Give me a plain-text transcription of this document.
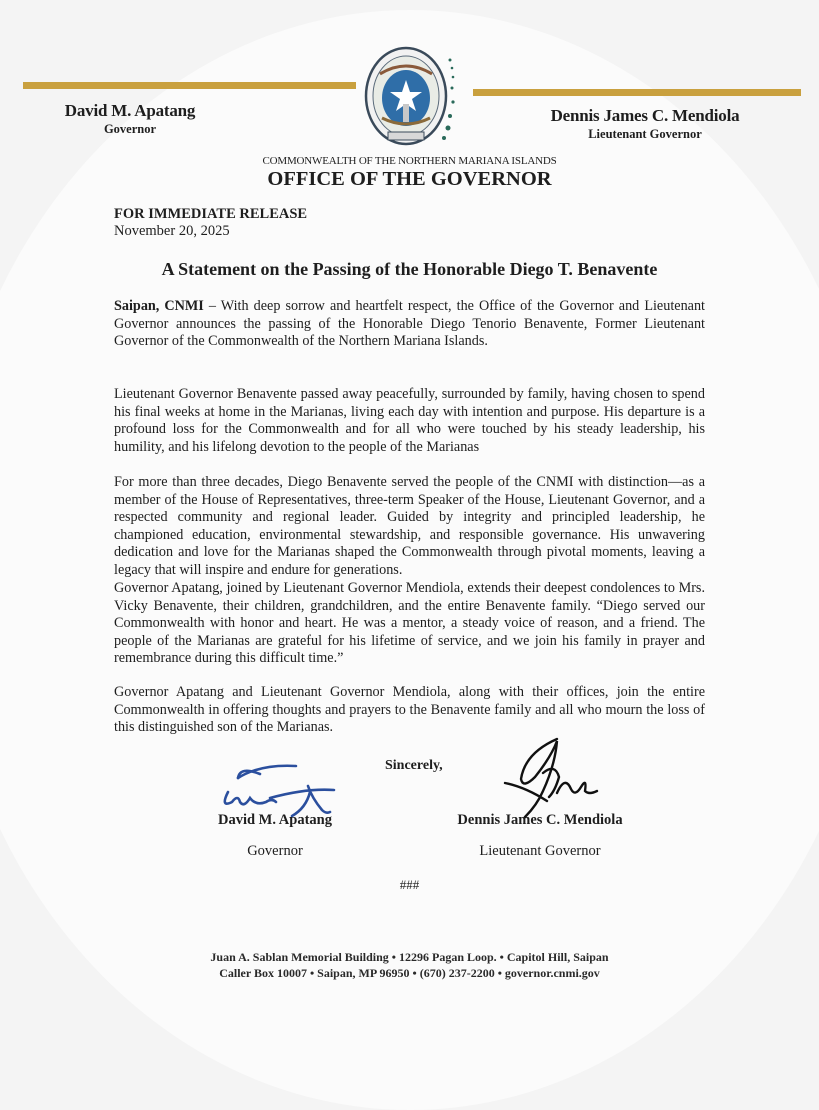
David M. Apatang
Governor
Dennis James C. Mendiola
Lieutenant Governor
COMMONWEALTH OF THE NORTHERN MARIANA ISLANDS
OFFICE OF THE GOVERNOR
FOR IMMEDIATE RELEASE
November 20, 2025
A Statement on the Passing of the Honorable Diego T. Benavente

Saipan, CNMI – With deep sorrow and heartfelt respect, the Office of the Governor and Lieutenant Governor announces the passing of the Honorable Diego Tenorio Benavente, Former Lieutenant Governor of the Commonwealth of the Northern Mariana Islands.

Lieutenant Governor Benavente passed away peacefully, surrounded by family, having chosen to spend his final weeks at home in the Marianas, living each day with intention and purpose. His departure is a profound loss for the Commonwealth and for all who were touched by his steady leadership, his humility, and his lifelong devotion to the people of the Marianas

For more than three decades, Diego Benavente served the people of the CNMI with distinction—as a member of the House of Representatives, three-term Speaker of the House, Lieutenant Governor, and a respected community and regional leader. Guided by integrity and principled leadership, he championed education, environmental stewardship, and responsible governance. His unwavering dedication and love for the Marianas shaped the Commonwealth through pivotal moments, leaving a legacy that will inspire and endure for generations.

Governor Apatang, joined by Lieutenant Governor Mendiola, extends their deepest condolences to Mrs. Vicky Benavente, their children, grandchildren, and the entire Benavente family. “Diego served our Commonwealth with honor and heart. He was a mentor, a steady voice of reason, and a friend. The people of the Marianas are grateful for his lifetime of service, and we join his family in prayer and remembrance during this difficult time.”

Governor Apatang and Lieutenant Governor Mendiola, along with their offices, join the entire Commonwealth in offering thoughts and prayers to the Benavente family and all who mourn the loss of this distinguished son of the Marianas.

Sincerely,
David M. Apatang
Governor
Dennis James C. Mendiola
Lieutenant Governor
###
Juan A. Sablan Memorial Building • 12296 Pagan Loop. • Capitol Hill, Saipan
Caller Box 10007 • Saipan, MP 96950 • (670) 237-2200 • governor.cnmi.gov
